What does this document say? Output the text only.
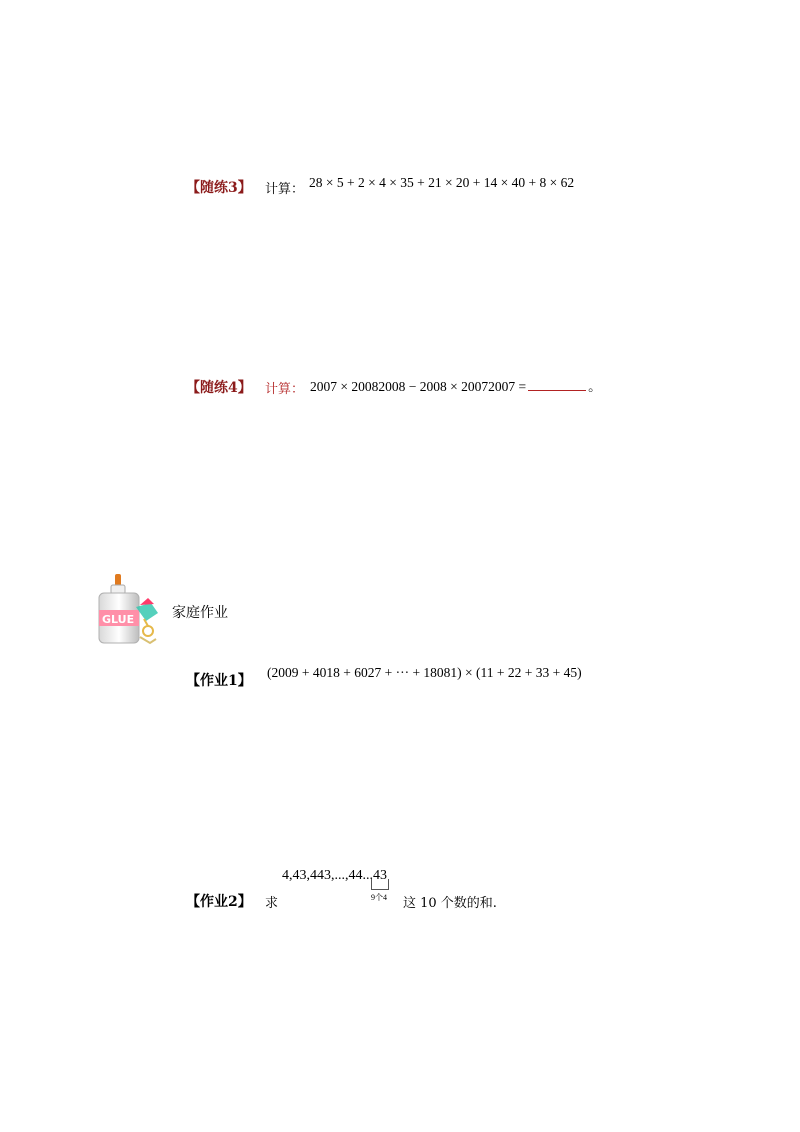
【随练3】 计算： 28 × 5 + 2 × 4 × 35 + 21 × 20 + 14 × 40 + 8 × 62
【随练4】 计算： 2007 × 20082008 − 2008 × 20072007 =	。
GLUE	家庭作业
【作业1】
(2009 + 4018 + 6027 + ··· + 18081) × (11 + 22 + 33 + 45)
4,43,443,...,44...43
9个4
【作业2】 求	这 10 个数的和.
